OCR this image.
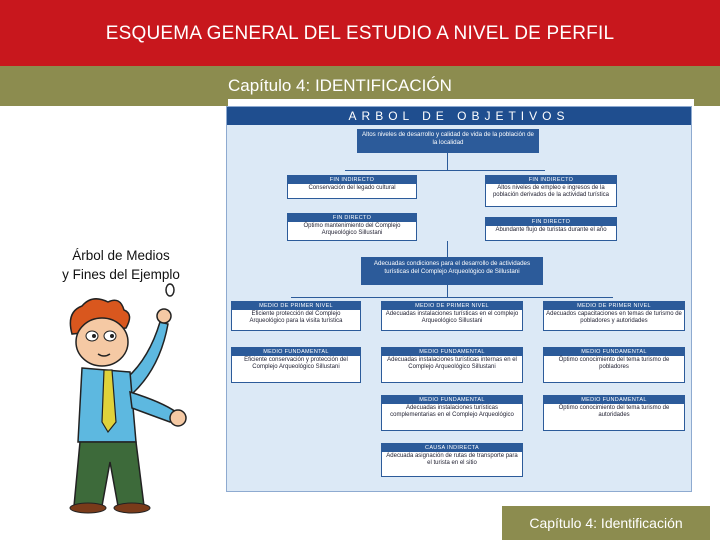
ESQUEMA GENERAL DEL ESTUDIO A NIVEL DE PERFIL
Capítulo 4: IDENTIFICACIÓN
Árbol de Medios
y Fines del Ejemplo
ARBOL DE OBJETIVOS
Altos niveles de desarrollo y calidad de vida de la población de la localidad
FIN INDIRECTO
Conservación del legado cultural
FIN INDIRECTO
Altos niveles de empleo e ingresos de la población derivados de la actividad turística
FIN DIRECTO
Óptimo mantenimiento del Complejo Arqueológico Sillustani
FIN DIRECTO
Abundante flujo de turistas durante el año
Adecuadas condiciones para el desarrollo de actividades turísticas del Complejo Arqueológico de Sillustani
MEDIO DE PRIMER NIVEL
Eficiente protección del Complejo Arqueológico para la visita turística
MEDIO DE PRIMER NIVEL
Adecuadas instalaciones turísticas en el complejo Arqueológico Sillustani
MEDIO DE PRIMER NIVEL
Adecuados capacitaciones en temas de turismo de pobladores y autoridades
MEDIO FUNDAMENTAL
Eficiente conservación y protección del Complejo Arqueológico Sillustani
MEDIO FUNDAMENTAL
Adecuadas instalaciones turísticas internas en el Complejo Arqueológico Sillustani
MEDIO FUNDAMENTAL
Óptimo conocimiento del tema turismo de pobladores
MEDIO FUNDAMENTAL
Adecuadas instalaciones turísticas complementarias en el Complejo Arqueológico
MEDIO FUNDAMENTAL
Óptimo conocimiento del tema turismo de autoridades
CAUSA INDIRECTA
Adecuada asignación de rutas de transporte para el turista en el sitio
Capítulo 4: Identificación
